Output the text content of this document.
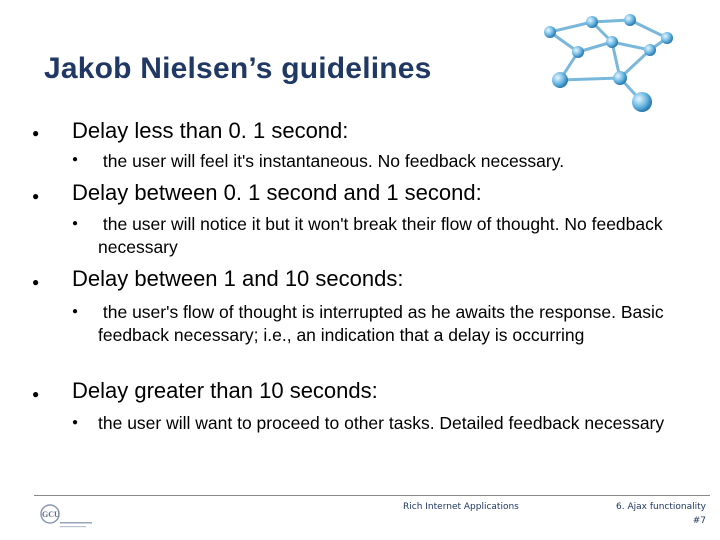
Jakob Nielsen’s guidelines
● Delay less than 0. 1 second:
● the user will feel it's instantaneous. No feedback necessary.
● Delay between 0. 1 second and 1 second:
● the user will notice it but it won't break their flow of thought. No feedback necessary
● Delay between 1 and 10 seconds:
● the user's flow of thought is interrupted as he awaits the response. Basic feedback necessary; i.e., an indication that a delay is occurring
● Delay greater than 10 seconds:
● the user will want to proceed to other tasks. Detailed feedback necessary
GCU
Rich Internet Applications	6. Ajax functionality
#7
